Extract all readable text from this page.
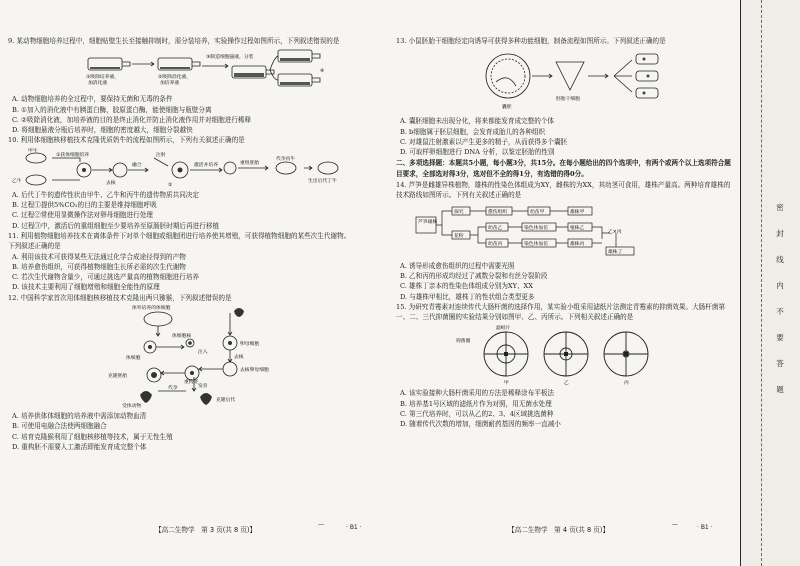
9. 某动物细胞培养过程中，细胞贴壁生长至接触抑制时，需分装培养，实验操作过程如图所示，下列叙述错误的是

①吸除培养液，
加消化液
②吸除消化液，
加培养液
③制造细胞悬液，分装
④

A. 动物细胞培养的全过程中，要保持无菌和无毒的条件

B. ①加入的消化液中有胰蛋白酶，胶原蛋白酶，能使细胞与瓶壁分离

C. ②吸除消化液，加培养液的目的是终止消化并防止消化液作用并对细胞进行稀释

D. 将细胞悬液分瓶后培养时，细胞的密度越大，细胞分裂越快

10. 利用体细胞核移植技术克隆优质奶牛的流程如图所示，下列有关叙述正确的是

甲牛
①获体细胞培养	注射
去核
融合
②
激活并培养	重组胚胎
代孕丙牛
生出后代丁牛
乙牛

A. 后代丁牛的遗传性状由甲牛、乙牛和丙牛的遗传物质共同决定

B. 过程①提供5%CO₂的目的主要是维持细胞呼吸

C. 过程②常使用显微操作法对卵母细胞进行处理

D. 过程③中，激活后的重组细胞至少要培养至原肠胚时期后再进行移植

11. 利用植物细胞培养技术在离体条件下对单个细胞或细胞团进行培养使其增殖，可获得植物细胞的某些次生代谢物。下列叙述正确的是

A. 利用该技术可获得某些无法通过化学合成途径得到的产物

B. 培养愈伤组织，可获得植物细胞生长所必需的次生代谢物

C. 若次生代谢物含量少，可通过挑选产量高的植物细胞进行培养

D. 该技术主要利用了细胞增殖和细胞全能性的原理

12. 中国科学家首次用体细胞核移植技术克隆出两只猕猴，下列叙述错误的是

体外培养的体细胞
体细胞
体细胞核
注入
卵母细胞
去核
去核卵母细胞
克隆胚胎
发育
重构胚
代孕
克隆后代
受体动物

A. 培养供体体细胞的培养液中需添加动物血清

B. 可使用电融合法使两细胞融合

C. 培育克隆猴利用了细胞核移植等技术，属于无性生殖

D. 重构胚不需要人工激活即能发育成完整个体

13. 小鼠胚胎干细胞经定向诱导可获得多种功能细胞，制备流程如图所示。下列叙述正确的是

囊胚
胚胎干细胞

A. 囊胚细胞未出现分化，将来都能发育成完整的个体

B. b细胞属于胚层细胞，会发育成胎儿的各种组织

C. 对雄鼠注射激素以产生更多的精子，从而获得多个囊胚

D. 可取样卵细胞进行 DNA 分析，以鉴定胚胎的性别

二、多项选择题：本题共5小题，每小题3分，共15分。在每小题给出的四个选项中，有两个或两个以上选项符合题目要求，全部选对得3分，选对但不全的得1分，有选错的得0分。

14. 芦笋是雌雄异株植物，雄株的性染色体组成为XY，雌株的为XX，其幼茎可食用，雄株产量高。两种培育雄株的技术路线如图所示。下列有关叙述正确的是

芦笋雄株
花粉
愈伤组织	幼苗甲	雄株甲
幼苗乙	染色体加倍	植株乙
乙×丙
幼苗丙	雄株丙
雄株丁
探究
染色体加倍

A. 诱导形成愈伤组织的过程中需要光照

B. 乙和丙的形成均经过了减数分裂和有丝分裂阶段

C. 雄株丁亲本的性染色体组成分别为XY、XX

D. 与雄株甲相比，雄株丁的性状组合类型更多

15. 为研究青霉素对连续传代大肠杆菌的选择作用，某实验小组采用滤纸片法测定青霉素的抑菌效果。大肠杆菌第一、二、三代抑菌圈的实验结果分别如图甲、乙、丙所示。下列相关叙述正确的是

滤纸片
抑菌圈
甲	乙	丙

A. 该实验接种大肠杆菌采用的方法是稀释涂布平板法

B. 培养基1号区域的滤纸片作为对照，用无菌水处理

C. 第三代培养时，可以从乙的2、3、4区域挑选菌种

D. 随着传代次数的增加，细菌耐药基因的频率一直减小

—
【高二生物学　第 3 页(共 8 页)】	· B1 ·	—
【高二生物学　第 4 页(共 8 页)】	· B1 ·
密
封
线
内
不
要
答
题
